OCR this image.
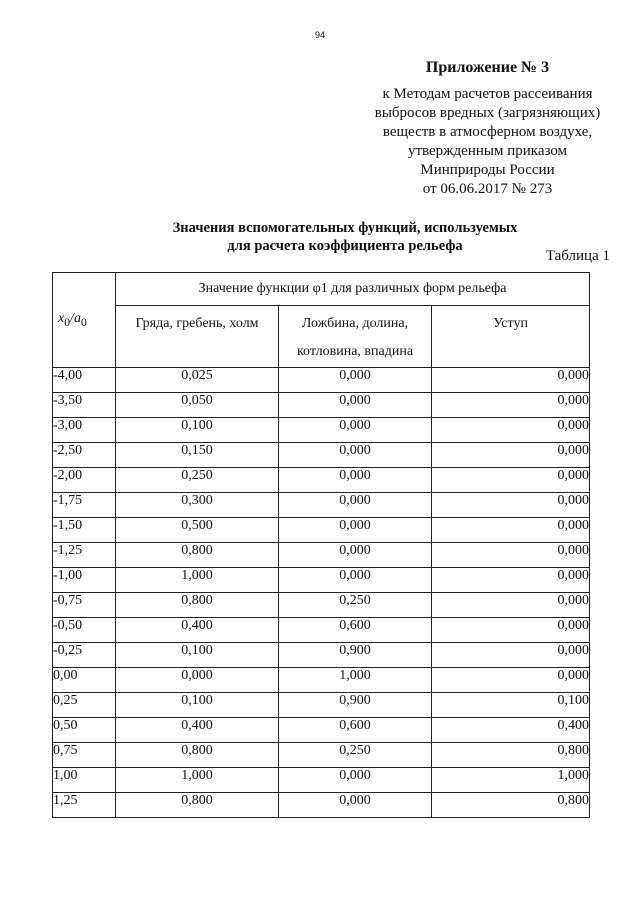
94
Приложение № 3
к Методам расчетов рассеивания
выбросов вредных (загрязняющих)
веществ в атмосферном воздухе,
утвержденным приказом
Минприроды России
от 06.06.2017 № 273
Значения вспомогательных функций, используемых
для расчета коэффициента рельефа
Таблица 1
$x_0/a_0$	Значение функции φ1 для различных форм рельефа		
	Гряда, гребень, холм	Ложбина, долина, котловина, впадина	Уступ
-4,00	0,025	0,000	0,000
-3,50	0,050	0,000	0,000
-3,00	0,100	0,000	0,000
-2,50	0,150	0,000	0,000
-2,00	0,250	0,000	0,000
-1,75	0,300	0,000	0,000
-1,50	0,500	0,000	0,000
-1,25	0,800	0,000	0,000
-1,00	1,000	0,000	0,000
-0,75	0,800	0,250	0,000
-0,50	0,400	0,600	0,000
-0,25	0,100	0,900	0,000
0,00	0,000	1,000	0,000
0,25	0,100	0,900	0,100
0,50	0,400	0,600	0,400
0,75	0,800	0,250	0,800
1,00	1,000	0,000	1,000
1,25	0,800	0,000	0,800
